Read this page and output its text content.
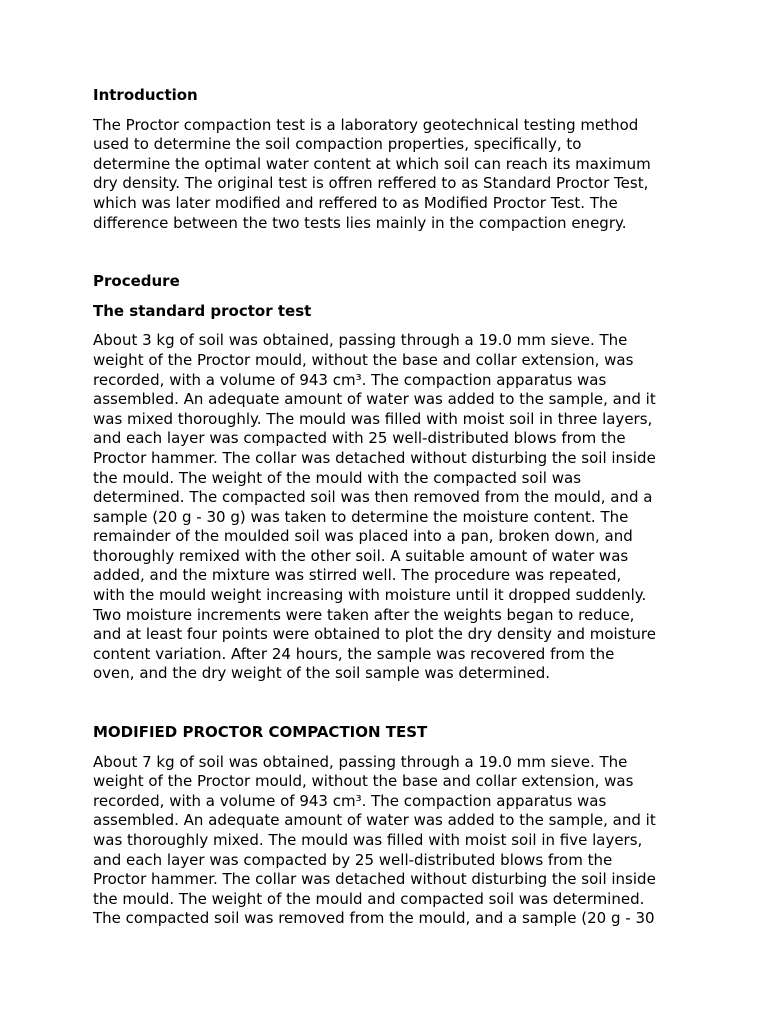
Introduction
The Proctor compaction test is a laboratory geotechnical testing method
used to determine the soil compaction properties, specifically, to
determine the optimal water content at which soil can reach its maximum
dry density. The original test is offren reffered to as Standard Proctor Test,
which was later modified and reffered to as Modified Proctor Test. The
difference between the two tests lies mainly in the compaction enegry.
Procedure
The standard proctor test
About 3 kg of soil was obtained, passing through a 19.0 mm sieve. The
weight of the Proctor mould, without the base and collar extension, was
recorded, with a volume of 943 cm³. The compaction apparatus was
assembled. An adequate amount of water was added to the sample, and it
was mixed thoroughly. The mould was filled with moist soil in three layers,
and each layer was compacted with 25 well-distributed blows from the
Proctor hammer. The collar was detached without disturbing the soil inside
the mould. The weight of the mould with the compacted soil was
determined. The compacted soil was then removed from the mould, and a
sample (20 g - 30 g) was taken to determine the moisture content. The
remainder of the moulded soil was placed into a pan, broken down, and
thoroughly remixed with the other soil. A suitable amount of water was
added, and the mixture was stirred well. The procedure was repeated,
with the mould weight increasing with moisture until it dropped suddenly.
Two moisture increments were taken after the weights began to reduce,
and at least four points were obtained to plot the dry density and moisture
content variation. After 24 hours, the sample was recovered from the
oven, and the dry weight of the soil sample was determined.
MODIFIED PROCTOR COMPACTION TEST
About 7 kg of soil was obtained, passing through a 19.0 mm sieve. The
weight of the Proctor mould, without the base and collar extension, was
recorded, with a volume of 943 cm³. The compaction apparatus was
assembled. An adequate amount of water was added to the sample, and it
was thoroughly mixed. The mould was filled with moist soil in five layers,
and each layer was compacted by 25 well-distributed blows from the
Proctor hammer. The collar was detached without disturbing the soil inside
the mould. The weight of the mould and compacted soil was determined.
The compacted soil was removed from the mould, and a sample (20 g - 30
